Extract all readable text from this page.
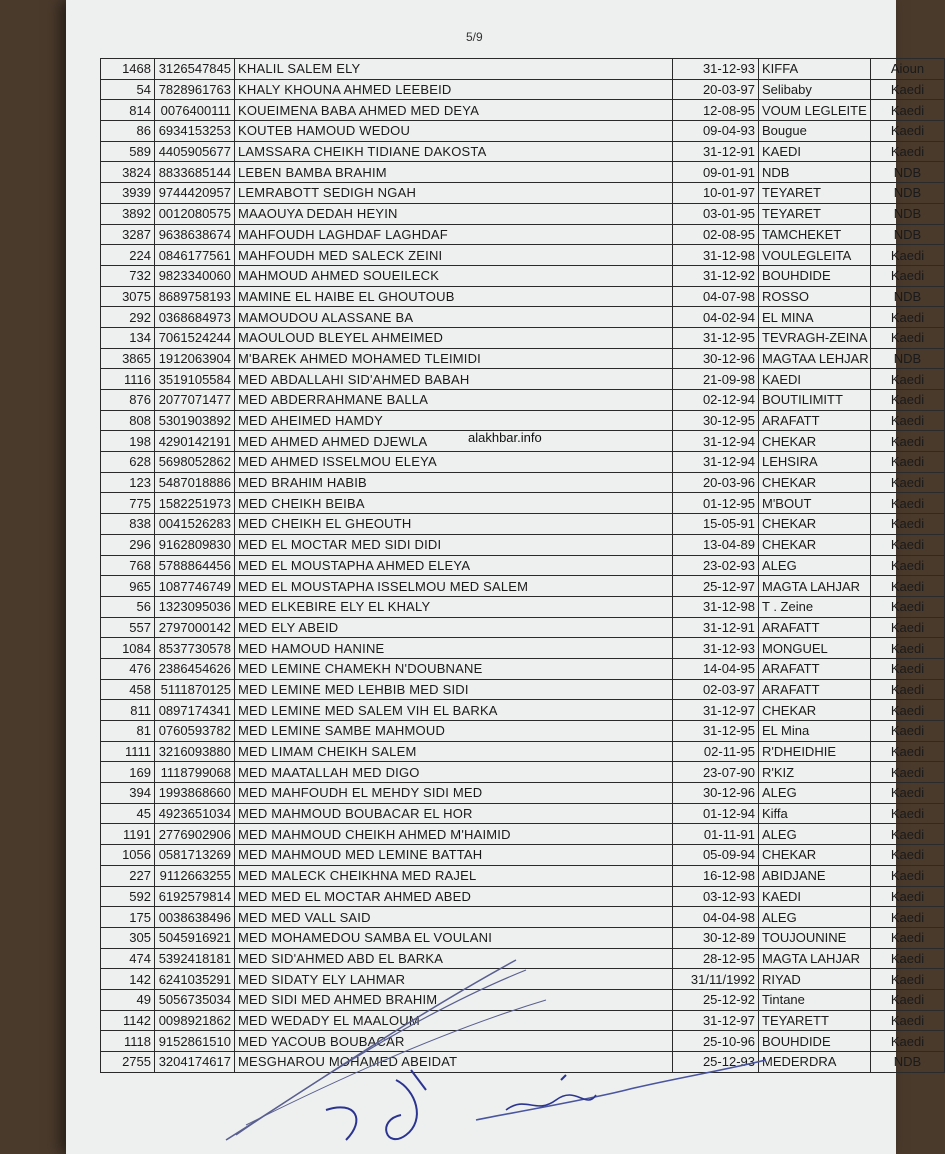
5/9
1468	3126547845	KHALIL SALEM ELY	31-12-93	KIFFA	Aioun
54	7828961763	KHALY KHOUNA AHMED LEEBEID	20-03-97	Selibaby	Kaedi
814	0076400111	KOUEIMENA BABA AHMED MED DEYA	12-08-95	VOUM LEGLEITE	Kaedi
86	6934153253	KOUTEB HAMOUD WEDOU	09-04-93	Bougue	Kaedi
589	4405905677	LAMSSARA CHEIKH TIDIANE DAKOSTA	31-12-91	KAEDI	Kaedi
3824	8833685144	LEBEN BAMBA BRAHIM	09-01-91	NDB	NDB
3939	9744420957	LEMRABOTT SEDIGH NGAH	10-01-97	TEYARET	NDB
3892	0012080575	MAAOUYA DEDAH HEYIN	03-01-95	TEYARET	NDB
3287	9638638674	MAHFOUDH LAGHDAF LAGHDAF	02-08-95	TAMCHEKET	NDB
224	0846177561	MAHFOUDH MED SALECK ZEINI	31-12-98	VOULEGLEITA	Kaedi
732	9823340060	MAHMOUD AHMED SOUEILECK	31-12-92	BOUHDIDE	Kaedi
3075	8689758193	MAMINE EL HAIBE EL GHOUTOUB	04-07-98	ROSSO	NDB
292	0368684973	MAMOUDOU ALASSANE BA	04-02-94	EL MINA	Kaedi
134	7061524244	MAOULOUD BLEYEL AHMEIMED	31-12-95	TEVRAGH-ZEINA	Kaedi
3865	1912063904	M'BAREK AHMED MOHAMED TLEIMIDI	30-12-96	MAGTAA LEHJAR	NDB
1116	3519105584	MED ABDALLAHI SID'AHMED BABAH	21-09-98	KAEDI	Kaedi
876	2077071477	MED ABDERRAHMANE BALLA	02-12-94	BOUTILIMITT	Kaedi
808	5301903892	MED AHEIMED HAMDY	30-12-95	ARAFATT	Kaedi
198	4290142191	MED AHMED AHMED DJEWLA	31-12-94	CHEKAR	Kaedi
628	5698052862	MED AHMED ISSELMOU ELEYA	31-12-94	LEHSIRA	Kaedi
123	5487018886	MED BRAHIM HABIB	20-03-96	CHEKAR	Kaedi
775	1582251973	MED CHEIKH BEIBA	01-12-95	M'BOUT	Kaedi
838	0041526283	MED CHEIKH EL GHEOUTH	15-05-91	CHEKAR	Kaedi
296	9162809830	MED EL MOCTAR MED SIDI DIDI	13-04-89	CHEKAR	Kaedi
768	5788864456	MED EL MOUSTAPHA AHMED ELEYA	23-02-93	ALEG	Kaedi
965	1087746749	MED EL MOUSTAPHA ISSELMOU MED SALEM	25-12-97	MAGTA LAHJAR	Kaedi
56	1323095036	MED ELKEBIRE ELY EL KHALY	31-12-98	T . Zeine	Kaedi
557	2797000142	MED ELY ABEID	31-12-91	ARAFATT	Kaedi
1084	8537730578	MED HAMOUD HANINE	31-12-93	MONGUEL	Kaedi
476	2386454626	MED LEMINE CHAMEKH N'DOUBNANE	14-04-95	ARAFATT	Kaedi
458	5111870125	MED LEMINE MED LEHBIB MED SIDI	02-03-97	ARAFATT	Kaedi
811	0897174341	MED LEMINE MED SALEM VIH EL BARKA	31-12-97	CHEKAR	Kaedi
81	0760593782	MED LEMINE SAMBE MAHMOUD	31-12-95	EL Mina	Kaedi
1111	3216093880	MED LIMAM CHEIKH SALEM	02-11-95	R'DHEIDHIE	Kaedi
169	1118799068	MED MAATALLAH MED DIGO	23-07-90	R'KIZ	Kaedi
394	1993868660	MED MAHFOUDH EL MEHDY SIDI MED	30-12-96	ALEG	Kaedi
45	4923651034	MED MAHMOUD BOUBACAR EL HOR	01-12-94	Kiffa	Kaedi
1191	2776902906	MED MAHMOUD CHEIKH AHMED M'HAIMID	01-11-91	ALEG	Kaedi
1056	0581713269	MED MAHMOUD MED LEMINE BATTAH	05-09-94	CHEKAR	Kaedi
227	9112663255	MED MALECK CHEIKHNA MED RAJEL	16-12-98	ABIDJANE	Kaedi
592	6192579814	MED MED EL MOCTAR AHMED ABED	03-12-93	KAEDI	Kaedi
175	0038638496	MED MED VALL SAID	04-04-98	ALEG	Kaedi
305	5045916921	MED MOHAMEDOU SAMBA EL VOULANI	30-12-89	TOUJOUNINE	Kaedi
474	5392418181	MED SID'AHMED ABD EL BARKA	28-12-95	MAGTA LAHJAR	Kaedi
142	6241035291	MED SIDATY ELY LAHMAR	31/11/1992	RIYAD	Kaedi
49	5056735034	MED SIDI MED AHMED BRAHIM	25-12-92	Tintane	Kaedi
1142	0098921862	MED WEDADY EL MAALOUM	31-12-97	TEYARETT	Kaedi
1118	9152861510	MED YACOUB BOUBACAR	25-10-96	BOUHDIDE	Kaedi
2755	3204174617	MESGHAROU MOHAMED ABEIDAT	25-12-93	MEDERDRA	NDB
alakhbar.info
